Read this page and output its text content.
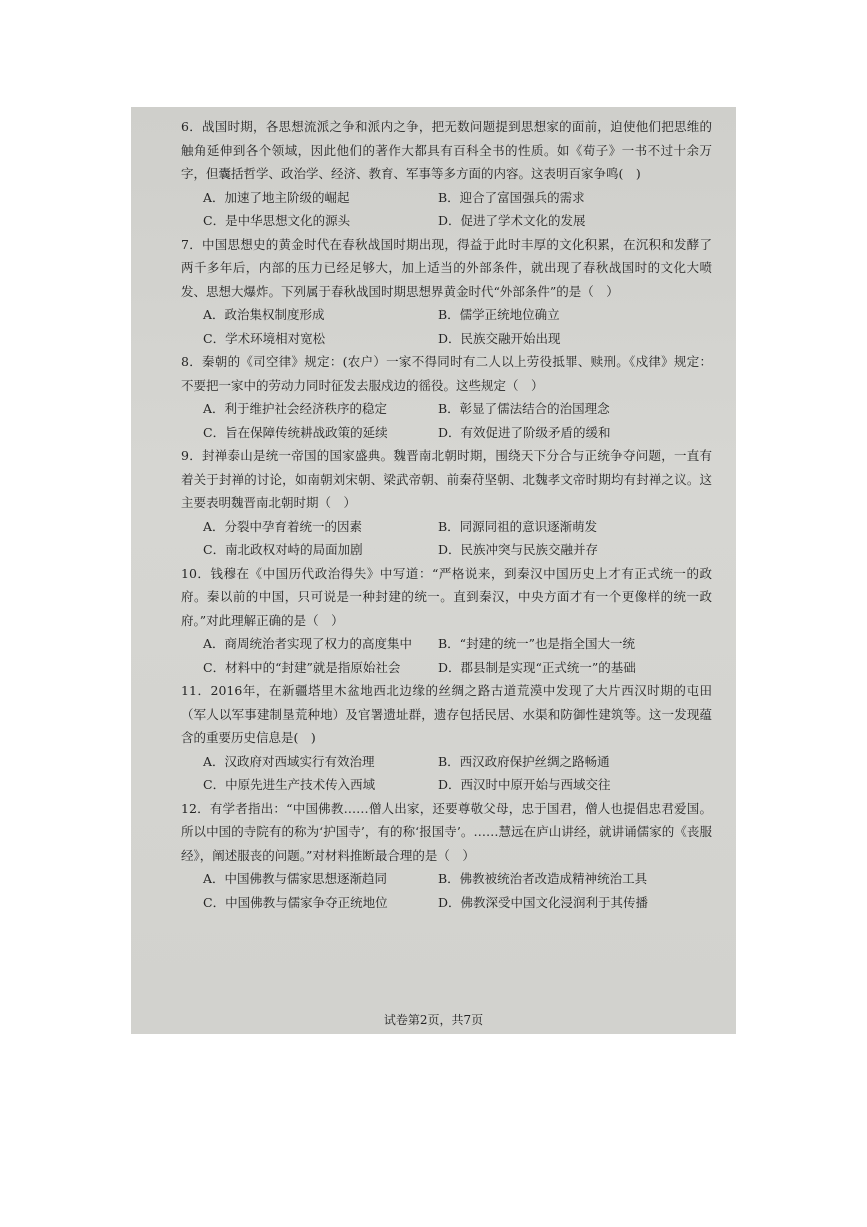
6．战国时期，各思想流派之争和派内之争，把无数问题提到思想家的面前，迫使他们把思维的触角延伸到各个领域，因此他们的著作大都具有百科全书的性质。如《荀子》一书不过十余万字，但囊括哲学、政治学、经济、教育、军事等多方面的内容。这表明百家争鸣(　)

A．加速了地主阶级的崛起	B．迎合了富国强兵的需求
C．是中华思想文化的源头	D．促进了学术文化的发展

7．中国思想史的黄金时代在春秋战国时期出现，得益于此时丰厚的文化积累，在沉积和发酵了两千多年后，内部的压力已经足够大，加上适当的外部条件，就出现了春秋战国时的文化大喷发、思想大爆炸。下列属于春秋战国时期思想界黄金时代“外部条件”的是（　）

A．政治集权制度形成	B．儒学正统地位确立
C．学术环境相对宽松	D．民族交融开始出现

8．秦朝的《司空律》规定：(农户）一家不得同时有二人以上劳役抵罪、赎刑。《戍律》规定：不要把一家中的劳动力同时征发去服戍边的徭役。这些规定（　）

A．利于维护社会经济秩序的稳定	B．彰显了儒法结合的治国理念
C．旨在保障传统耕战政策的延续	D．有效促进了阶级矛盾的缓和

9．封禅泰山是统一帝国的国家盛典。魏晋南北朝时期，围绕天下分合与正统争夺问题，一直有着关于封禅的讨论，如南朝刘宋朝、梁武帝朝、前秦苻坚朝、北魏孝文帝时期均有封禅之议。这主要表明魏晋南北朝时期（　）

A．分裂中孕育着统一的因素	B．同源同祖的意识逐渐萌发
C．南北政权对峙的局面加剧	D．民族冲突与民族交融并存

10．钱穆在《中国历代政治得失》中写道：“严格说来，到秦汉中国历史上才有正式统一的政府。秦以前的中国，只可说是一种封建的统一。直到秦汉，中央方面才有一个更像样的统一政府。”对此理解正确的是（　）

A．商周统治者实现了权力的高度集中	B．“封建的统一”也是指全国大一统
C．材料中的“封建”就是指原始社会	D．郡县制是实现“正式统一”的基础

11．2016年，在新疆塔里木盆地西北边缘的丝绸之路古道荒漠中发现了大片西汉时期的屯田（军人以军事建制垦荒种地）及官署遗址群，遗存包括民居、水渠和防御性建筑等。这一发现蕴含的重要历史信息是(　)

A．汉政府对西域实行有效治理	B．西汉政府保护丝绸之路畅通
C．中原先进生产技术传入西域	D．西汉时中原开始与西域交往

12．有学者指出：“中国佛教……僧人出家，还要尊敬父母，忠于国君，僧人也提倡忠君爱国。所以中国的寺院有的称为‘护国寺’，有的称‘报国寺’。……慧远在庐山讲经，就讲诵儒家的《丧服经》，阐述服丧的问题。”对材料推断最合理的是（　）

A．中国佛教与儒家思想逐渐趋同	B．佛教被统治者改造成精神统治工具
C．中国佛教与儒家争夺正统地位	D．佛教深受中国文化浸润利于其传播
试卷第2页，共7页
